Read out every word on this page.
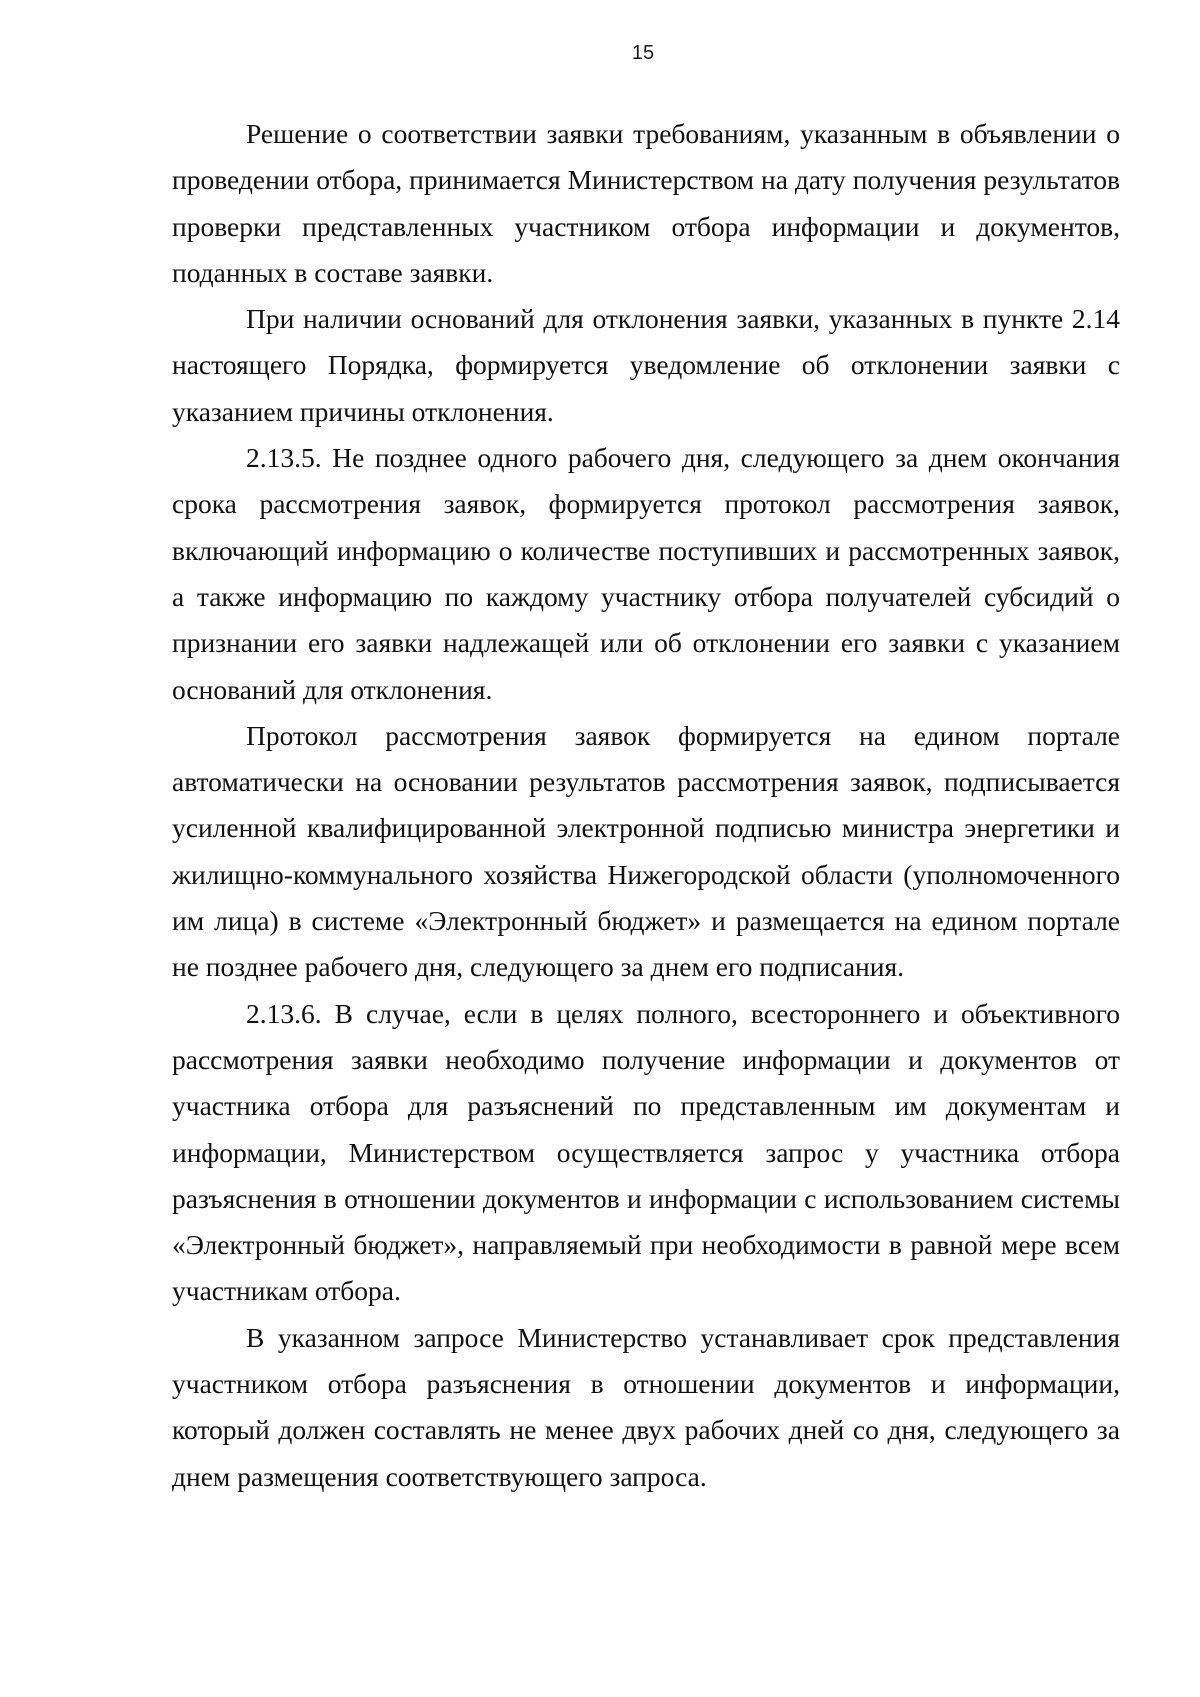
15

Решение о соответствии заявки требованиям, указанным в объявлении о проведении отбора, принимается Министерством на дату получения результатов проверки представленных участником отбора информации и документов, поданных в составе заявки.

При наличии оснований для отклонения заявки, указанных в пункте 2.14 настоящего Порядка, формируется уведомление об отклонении заявки с указанием причины отклонения.

2.13.5. Не позднее одного рабочего дня, следующего за днем окончания срока рассмотрения заявок, формируется протокол рассмотрения заявок, включающий информацию о количестве поступивших и рассмотренных заявок, а также информацию по каждому участнику отбора получателей субсидий о признании его заявки надлежащей или об отклонении его заявки с указанием оснований для отклонения.

Протокол рассмотрения заявок формируется на едином портале автоматически на основании результатов рассмотрения заявок, подписывается усиленной квалифицированной электронной подписью министра энергетики и жилищно-коммунального хозяйства Нижегородской области (уполномоченного им лица) в системе «Электронный бюджет» и размещается на едином портале не позднее рабочего дня, следующего за днем его подписания.

2.13.6. В случае, если в целях полного, всестороннего и объективного рассмотрения заявки необходимо получение информации и документов от участника отбора для разъяснений по представленным им документам и информации, Министерством осуществляется запрос у участника отбора разъяснения в отношении документов и информации с использованием системы «Электронный бюджет», направляемый при необходимости в равной мере всем участникам отбора.

В указанном запросе Министерство устанавливает срок представления участником отбора разъяснения в отношении документов и информации, который должен составлять не менее двух рабочих дней со дня, следующего за днем размещения соответствующего запроса.
